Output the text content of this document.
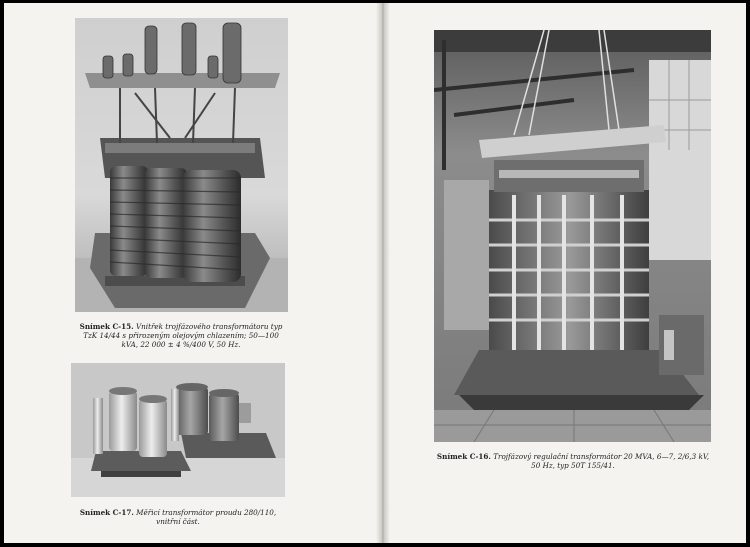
Snímek C-15. Vnitřek trojfázového transformátoru typ TzK 14/44 s přirozeným olejovým chlazením; 50—100 kVA, 22 000 ± 4 %/400 V, 50 Hz.
Snímek C-17. Měřicí transformátor proudu 280/110, vnitřní část.
Snímek C-16. Trojfázový regulační transformátor 20 MVA, 6—7, 2/6,3 kV, 50 Hz, typ 50T 155/41.
